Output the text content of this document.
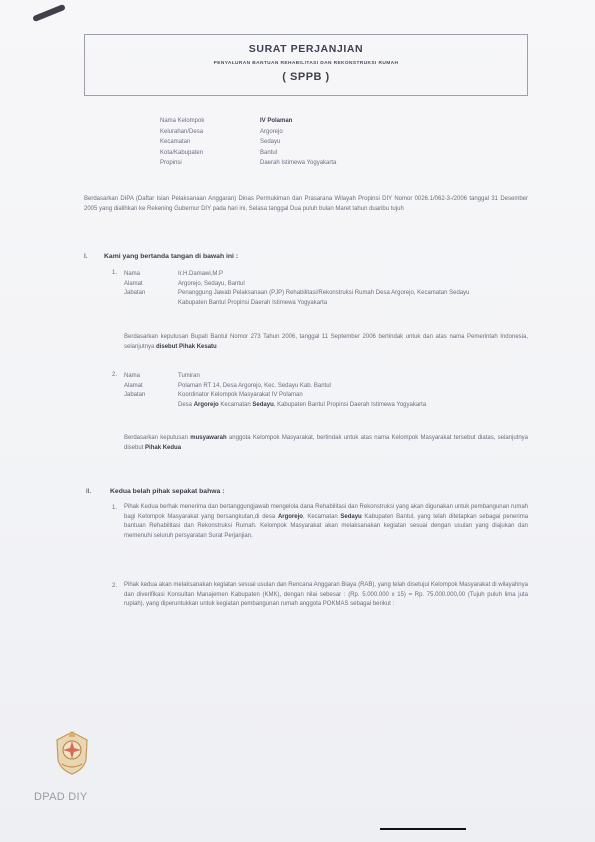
SURAT PERJANJIAN
PENYALURAN BANTUAN REHABILITASI DAN REKONSTRUKSI RUMAH
( SPPB )
Nama Kelompok	IV Polaman
Kelurahan/Desa	Argorejo
Kecamatan	Sedayu
Kota/Kabupaten	Bantul
Propinsi	Daerah Istimewa Yogyakarta
Berdasarkan DIPA (Daftar Isian Pelaksanaan Anggaran) Dinas Permukiman dan Prasarana Wilayah Propinsi DIY Nomor 0026.1/062-3-/2006 tanggal 31 Desember 2005 yang dialihkan ke Rekening Gubernur DIY pada hari ini, Selasa tanggal Dua puluh bulan Maret tahun duaribu tujuh
I. Kami yang bertanda tangan di bawah ini :
1. Nama	Ir.H.Damawi,M.P
Alamat	Argorejo, Sedayu, Bantul
Jabatan	Penanggung Jawab Pelaksanaan (PJP) Rehabilitasi/Rekonstruksi Rumah Desa Argorejo, Kecamatan Sedayu Kabupaten Bantul Propinsi Daerah Istimewa Yogyakarta
Berdasarkan keputusan Bupati Bantul Nomor 273 Tahun 2006, tanggal 11 September 2006 bertindak untuk dan atas nama Pemerintah Indonesia, selanjutnya disebut Pihak Kesatu
2. Nama	Tumiran
Alamat	Polaman RT 14, Desa Argorejo, Kec. Sedayu Kab. Bantul
Jabatan	Koordinator Kelompok Masyarakat IV Polaman
Desa Argorejo Kecamatan Sedayu, Kabupaten Bantul Propinsi Daerah Istimewa Yogyakarta
Berdasarkan keputusan musyawarah anggota Kelompok Masyarakat, bertindak untuk atas nama Kelompok Masyarakat tersebut diatas, selanjutnya disebut Pihak Kedua
II.	Kedua belah pihak sepakat bahwa :
1. Pihak Kedua berhak menerima dan bertanggungjawab mengelola dana Rehabilitasi dan Rekonstruksi yang akan digunakan untuk pembangunan rumah bagi Kelompok Masyarakat yang bersangkutan,di desa Argorejo, Kecamatan Sedayu Kabupaten Bantul, yang telah ditetapkan sebagai penerima bantuan Rehabilitasi dan Rekonstruksi Rumah. Kelompok Masyarakat akan melaksanakan kegiatan sesuai dengan usulan yang diajukan dan memenuhi seluruh persyaratan Surat Perjanjian.
2. Pihak kedua akan melaksanakan kegiatan sesuai usulan dan Rencana Anggaran Biaya (RAB), yang telah disetujui Kelompok Masyarakat di wilayahnya dan diverifikasi Konsultan Manajemen Kabupaten (KMK), dengan nilai sebesar : (Rp. 5.000.000 x 15) = Rp. 75.000.000,00 (Tujuh puluh lima juta rupiah), yang diperuntukkan untuk kegiatan pembangunan rumah anggota POKMAS sebagai berikut :
DPAD DIY
